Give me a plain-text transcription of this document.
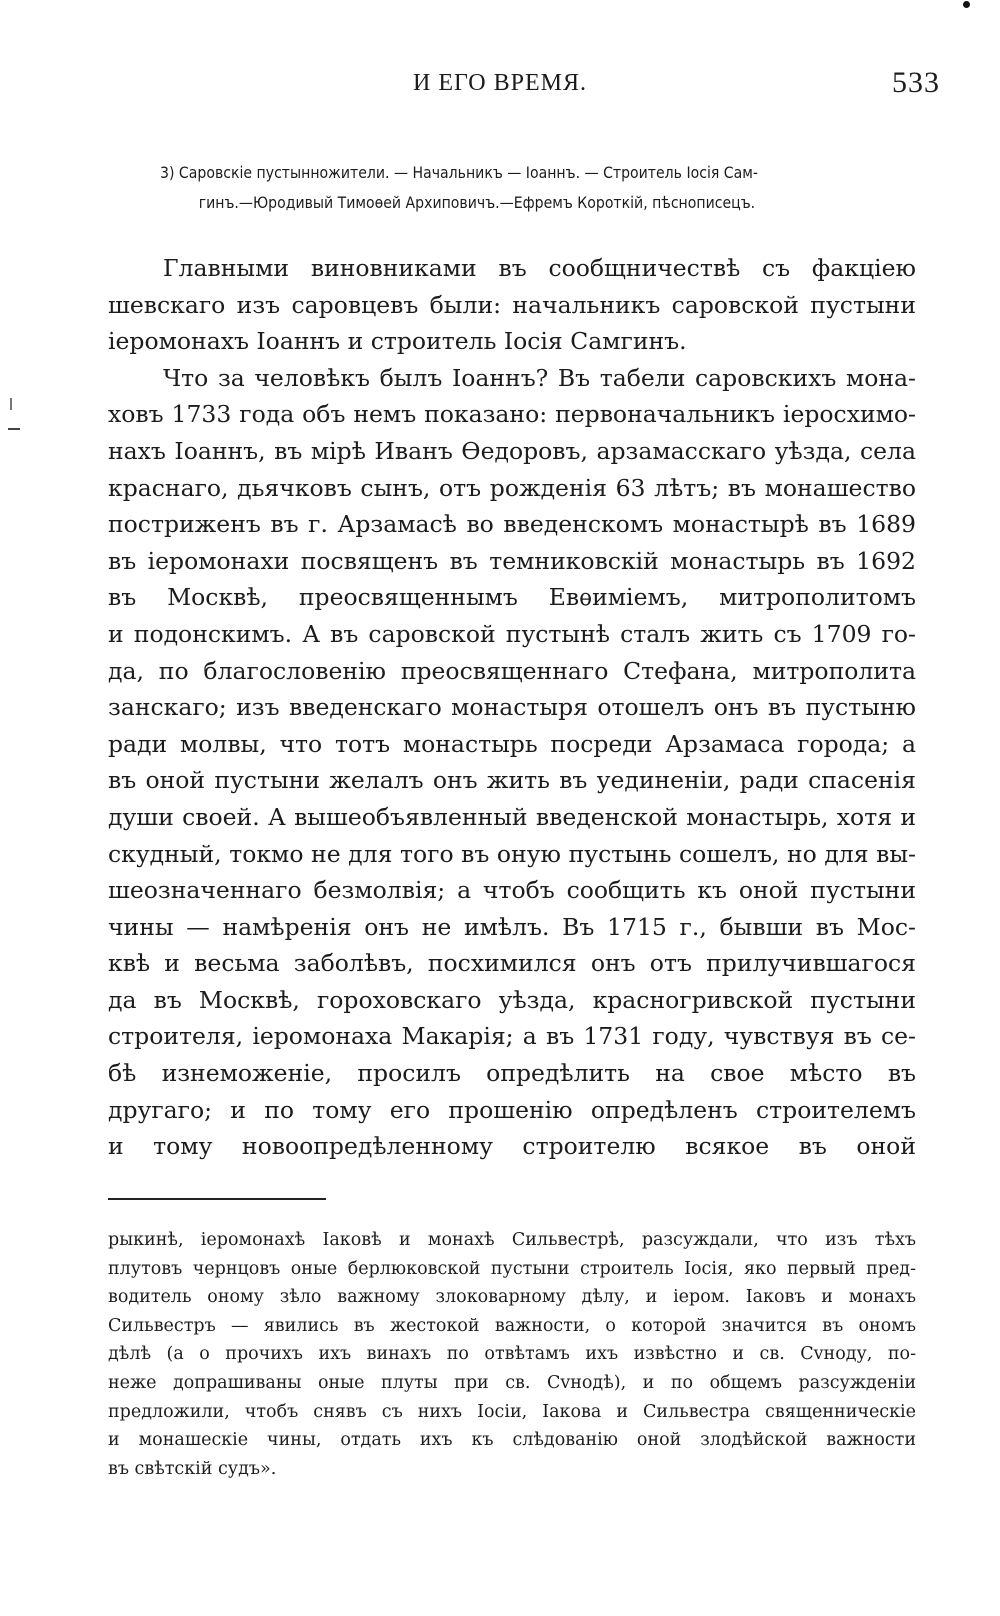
И ЕГО ВРЕМЯ.	533
3) Саровскіе пустынножители. — Начальникъ — Іоаннъ. — Строитель Іосія Сам-
гинъ.—Юродивый Тимоѳей Архиповичъ.—Ефремъ Короткій, пѣснописецъ.
Главными виновниками въ сообщничествѣ съ факціею
шевскаго изъ саровцевъ были: начальникъ саровской пустыни
іеромонахъ Іоаннъ и строитель Іосія Самгинъ.
Что за человѣкъ былъ Іоаннъ? Въ табели саровскихъ мона-
ховъ 1733 года объ немъ показано: первоначальникъ іеросхимо-
нахъ Іоаннъ, въ мірѣ Иванъ Ѳедоровъ, арзамасскаго уѣзда, села
краснаго, дьячковъ сынъ, отъ рожденія 63 лѣтъ; въ монашество
постриженъ въ г. Арзамасѣ во введенскомъ монастырѣ въ 1689
въ іеромонахи посвященъ въ темниковскій монастырь въ 1692
въ Москвѣ, преосвященнымъ Евѳиміемъ, митрополитомъ
и подонскимъ. А въ саровской пустынѣ сталъ жить съ 1709 го-
да, по благословенію преосвященнаго Стефана, митрополита
занскаго; изъ введенскаго монастыря отошелъ онъ въ пустыню
ради молвы, что тотъ монастырь посреди Арзамаса города; а
въ оной пустыни желалъ онъ жить въ уединеніи, ради спасенія
души своей. А вышеобъявленный введенской монастырь, хотя и
скудный, токмо не для того въ оную пустынь сошелъ, но для вы-
шеозначеннаго безмолвія; а чтобъ сообщить къ оной пустыни
чины — намѣренія онъ не имѣлъ. Въ 1715 г., бывши въ Мос-
квѣ и весьма заболѣвъ, посхимился онъ отъ прилучившагося
да въ Москвѣ, гороховскаго уѣзда, красногривской пустыни
строителя, іеромонаха Макарія; а въ 1731 году, чувствуя въ се-
бѣ изнеможеніе, просилъ опредѣлить на свое мѣсто въ
другаго; и по тому его прошенію опредѣленъ строителемъ
и тому новоопредѣленному строителю всякое въ оной
рыкинѣ, іеромонахѣ Іаковѣ и монахѣ Сильвестрѣ, разсуждали, что изъ тѣхъ
плутовъ чернцовъ оные берлюковской пустыни строитель Іосія, яко первый пред-
водитель оному зѣло важному злоковарному дѣлу, и іером. Іаковъ и монахъ
Сильвестръ — явились въ жестокой важности, о которой значится въ ономъ
дѣлѣ (а о прочихъ ихъ винахъ по отвѣтамъ ихъ извѣстно и св. Сvноду, по-
неже допрашиваны оные плуты при св. Сvнодѣ), и по общемъ разсужденіи
предложили, чтобъ снявъ съ нихъ Іосіи, Іакова и Сильвестра священническіе
и монашескіе чины, отдать ихъ къ слѣдованію оной злодѣйской важности
въ свѣтскій судъ».
